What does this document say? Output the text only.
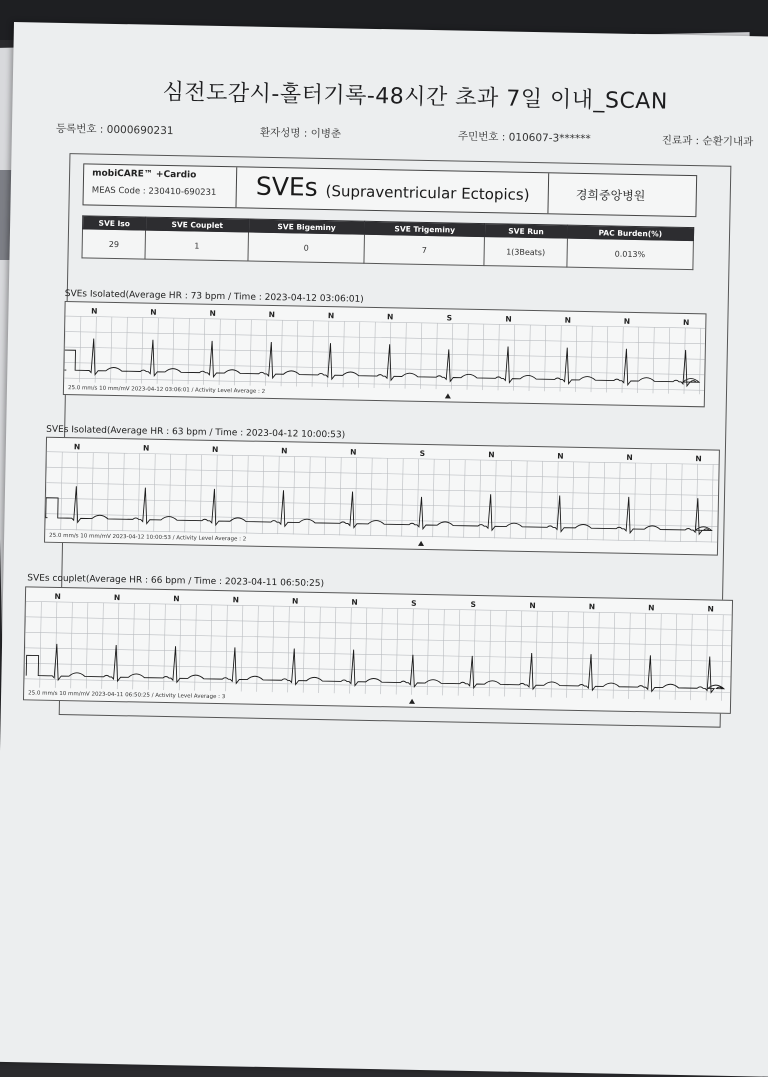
심전도감시-홀터기록-48시간 초과 7일 이내_SCAN
등록번호 : 0000690231	환자성명 : 이병춘	주민번호 : 010607-3******	진료과 : 순환기내과
mobiCARE™ +Cardio
MEAS Code : 230410-690231 SVEs (Supraventricular Ectopics)	경희중앙병원
SVE Iso	SVE Couplet	SVE Bigeminy	SVE Trigeminy	SVE Run	PAC Burden(%)
29	1	0	7	1(3Beats)	0.013%
SVEs Isolated(Average HR : 73 bpm / Time : 2023-04-12 03:06:01)
25.0 mm/s 10 mm/mV 2023-04-12 03:06:01 / Activity Level Average : 2
N	N	N	N	N	N	S	N	N	N	N
SVEs Isolated(Average HR : 63 bpm / Time : 2023-04-12 10:00:53)
25.0 mm/s 10 mm/mV 2023-04-12 10:00:53 / Activity Level Average : 2
N	N	N	N	N	S	N	N	N	N
SVEs couplet(Average HR : 66 bpm / Time : 2023-04-11 06:50:25)
25.0 mm/s 10 mm/mV 2023-04-11 06:50:25 / Activity Level Average : 3
N	N	N	N	N	N	S	S	N	N	N	N
